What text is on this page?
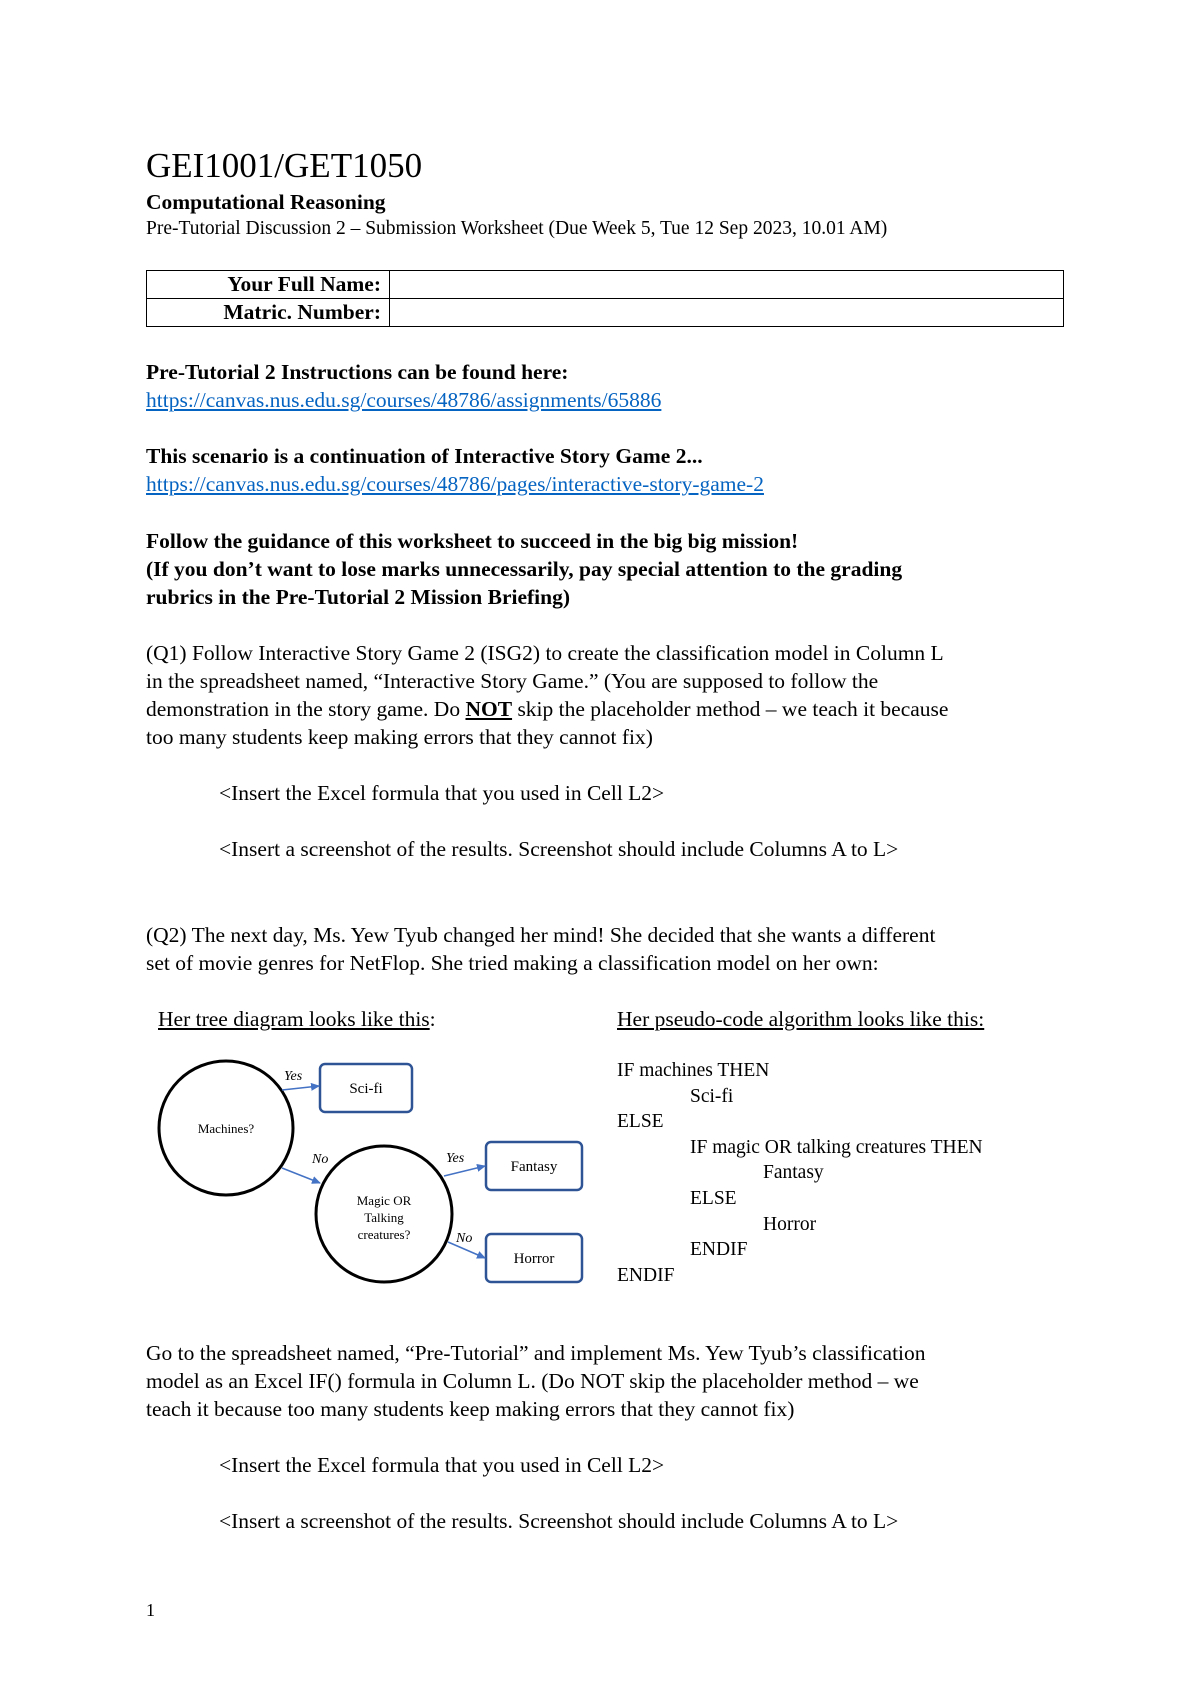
GEI1001/GET1050
Computational Reasoning
Pre-Tutorial Discussion 2 – Submission Worksheet (Due Week 5, Tue 12 Sep 2023, 10.01 AM)
Your Full Name:	
Matric. Number:	
Pre-Tutorial 2 Instructions can be found here:
https://canvas.nus.edu.sg/courses/48786/assignments/65886
This scenario is a continuation of Interactive Story Game 2...
https://canvas.nus.edu.sg/courses/48786/pages/interactive-story-game-2
Follow the guidance of this worksheet to succeed in the big big mission!
(If you don’t want to lose marks unnecessarily, pay special attention to the grading
rubrics in the Pre-Tutorial 2 Mission Briefing)
(Q1) Follow Interactive Story Game 2 (ISG2) to create the classification model in Column L
in the spreadsheet named, “Interactive Story Game.” (You are supposed to follow the
demonstration in the story game. Do NOT skip the placeholder method – we teach it because
too many students keep making errors that they cannot fix)
<Insert the Excel formula that you used in Cell L2>
<Insert a screenshot of the results. Screenshot should include Columns A to L>
(Q2) The next day, Ms. Yew Tyub changed her mind! She decided that she wants a different
set of movie genres for NetFlop. She tried making a classification model on her own:
Her tree diagram looks like this:	Her pseudo-code algorithm looks like this:
Machines?
Sci-fi
Yes
No
Magic OR
Talking
creatures?
Fantasy
Horror
Yes
No
IF machines THEN
Sci-fi
ELSE
IF magic OR talking creatures THEN
Fantasy
ELSE
Horror
ENDIF
ENDIF
Go to the spreadsheet named, “Pre-Tutorial” and implement Ms. Yew Tyub’s classification
model as an Excel IF() formula in Column L. (Do NOT skip the placeholder method – we
teach it because too many students keep making errors that they cannot fix)
<Insert the Excel formula that you used in Cell L2>
<Insert a screenshot of the results. Screenshot should include Columns A to L>
1
